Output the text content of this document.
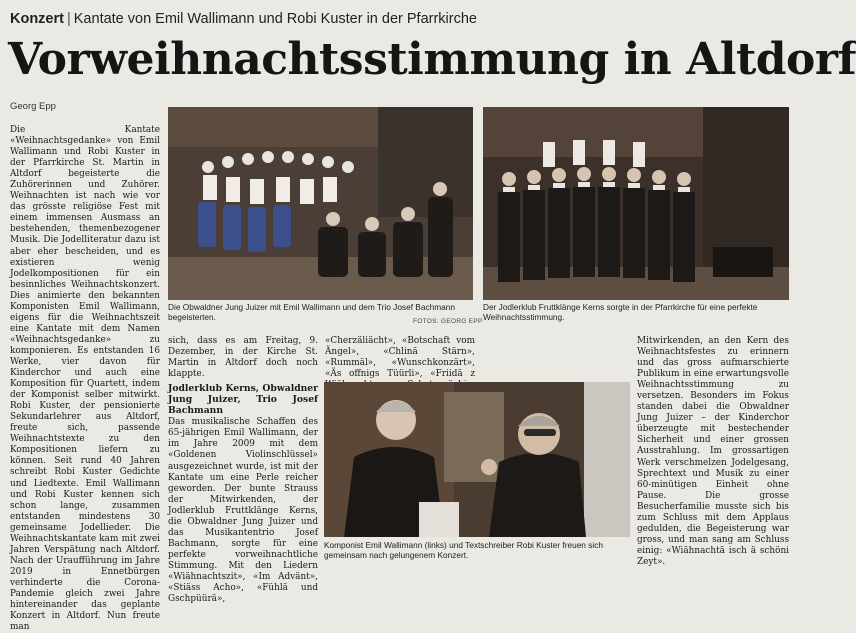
Konzert | Kantate von Emil Wallimann und Robi Kuster in der Pfarrkirche
Vorweihnachtsstimmung in Altdorf
Georg Epp

Die Kantate «Weihnachtsgedanke» von Emil Wallimann und Robi Kuster in der Pfarrkirche St. Martin in Altdorf begeisterte die Zuhörerinnen und Zuhörer. Weihnachten ist nach wie vor das grösste religiöse Fest mit einem immensen Ausmass an bestehenden, themenbezogener Musik. Die Jodelliteratur dazu ist aber eher bescheiden, und es existieren wenig Jodelkompositionen für ein besinnliches Weihnachtskonzert. Dies animierte den bekannten Komponisten Emil Wallimann, eigens für die Weihnachtszeit eine Kantate mit dem Namen «Weihnachtsgedanke» zu komponieren. Es entstanden 16 Werke, vier davon für Kinderchor und auch eine Komposition für Quartett, indem der Komponist selber mitwirkt. Robi Kuster, der pensionierte Sekundarlehrer aus Altdorf, freute sich, passende Weihnachtstexte zu den Kompositionen liefern zu können. Seit rund 40 Jahren schreibt Robi Kuster Gedichte und Liedtexte. Emil Wallimann und Robi Kuster kennen sich schon lange, zusammen entstanden mindestens 30 gemeinsame Jodellieder. Die Weihnachtskantate kam mit zwei Jahren Verspätung nach Altdorf. Nach der Uraufführung im Jahre 2019 in Ennetbürgen verhinderte die Corona-Pandemie gleich zwei Jahre hintereinander das geplante Konzert in Altdorf. Nun freute man

Die Obwaldner Jung Juizer mit Emil Wallimann und dem Trio Josef Bachmann begeisterten.	FOTOS: GEORG EPP
Der Jodlerklub Fruttklänge Kerns sorgte in der Pfarrkirche für eine perfekte Weihnachtsstimmung.

sich, dass es am Freitag, 9. Dezember, in der Kirche St. Martin in Altdorf doch noch klappte.

Jodlerklub Kerns, Obwaldner Jung Juizer, Trio Josef Bachmann

Das musikalische Schaffen des 65-jährigen Emil Wallimann, der im Jahre 2009 mit dem «Goldenen Violinschlüssel» ausgezeichnet wurde, ist mit der Kantate um eine Perle reicher geworden. Der bunte Strauss der Mitwirkenden, der Jodlerklub Fruttklänge Kerns, die Obwaldner Jung Juizer und das Musikantentrio Josef Bachmann, sorgte für eine perfekte vorweihnachtliche Stimmung. Mit den Liedern «Wiähnachtszit», «Im Advänt», «Stiäss Acho», «Fühlä und Gschpüürä»,

«Cherzäliächt», «Botschaft vom Ängel», «Chlinä Stärn», «Rummäl», «Wunschkonzärt», «Äs offnigs Tüürli», «Friidä z

Komponist Emil Wallimann (links) und Textschreiber Robi Kuster freuen sich gemeinsam nach gelungenem Konzert.

Mitwirkenden, an den Kern des Weihnachtsfestes zu erinnern und das gross aufmarschierte Publikum in eine erwartungsvolle Weihnachtsstimmung zu versetzen. Besonders im Fokus standen dabei die Obwaldner Jung Juizer – der Kinderchor überzeugte mit bestechender Sicherheit und einer grossen Ausstrahlung. Im grossartigen Werk verschmelzen Jodelgesang, Sprechtext und Musik zu einer 60-minütigen Einheit ohne Pause. Die grosse Besucherfamilie musste sich bis zum Schluss mit dem Applaus gedulden, die Begeisterung war gross, und man sang am Schluss einig: «Wiähnachtä isch ä schöni Zeyt».
